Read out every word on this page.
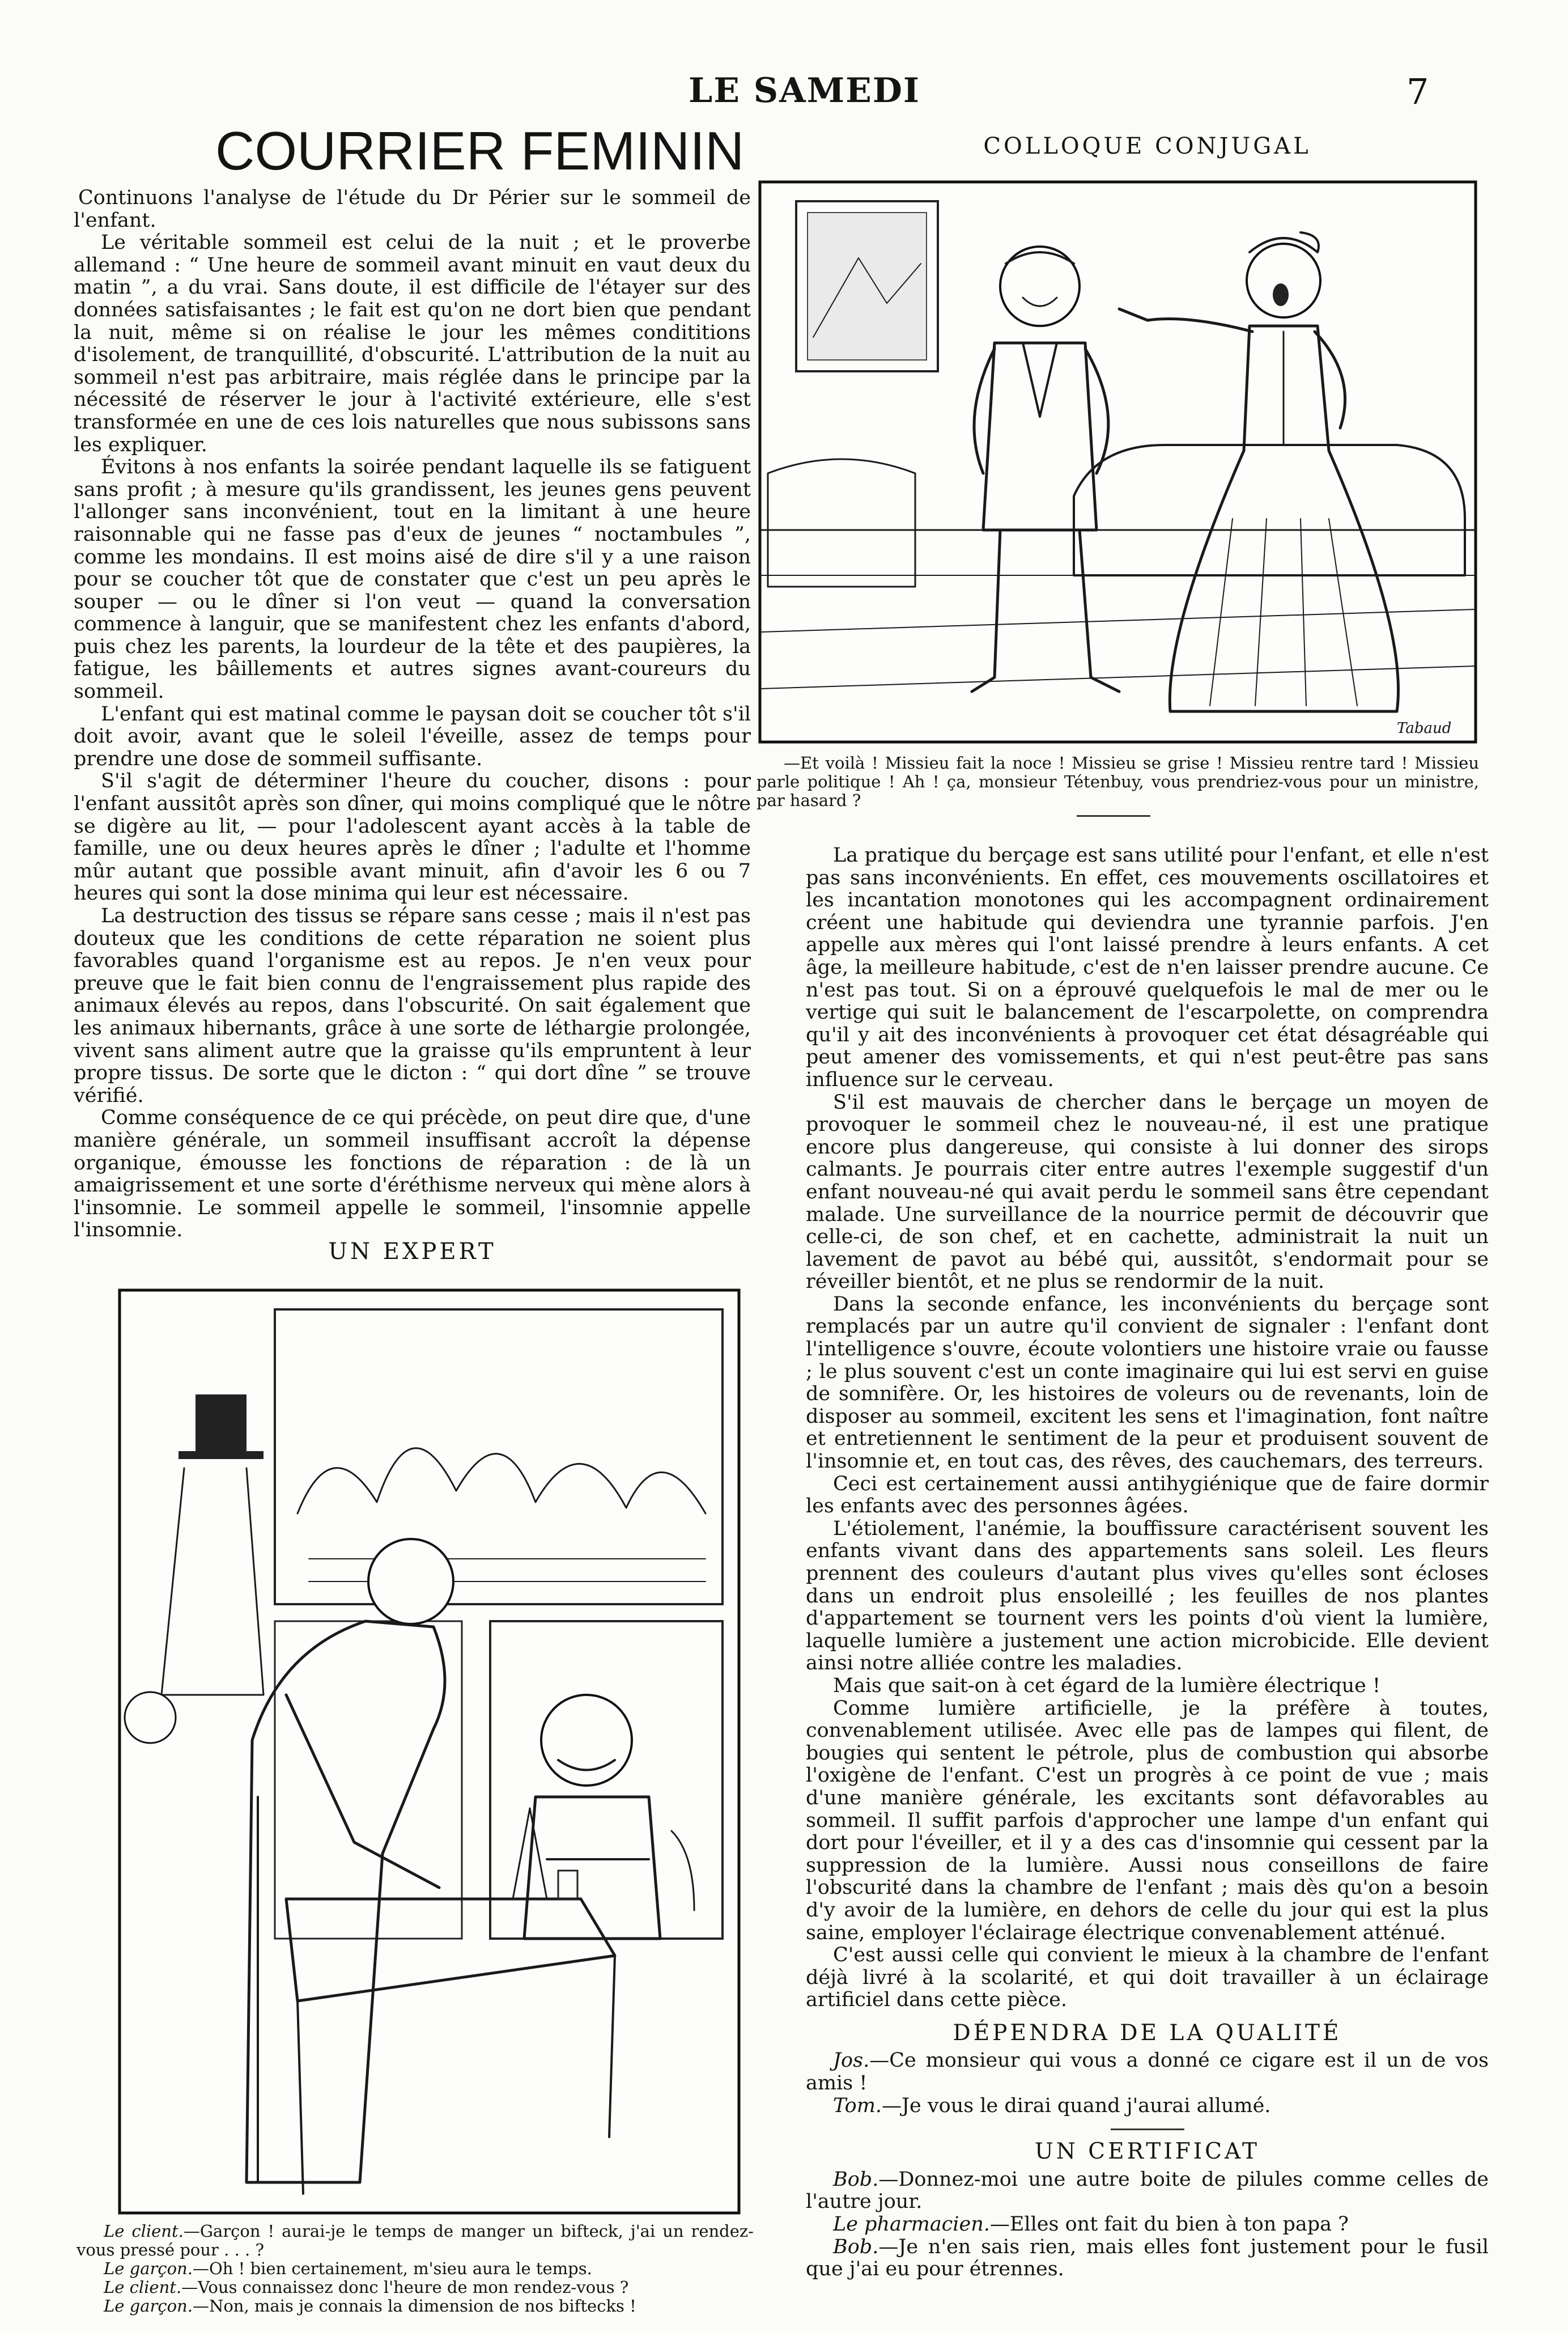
LE SAMEDI	7
COURRIER FEMININ

Continuons l'analyse de l'étude du Dr Périer sur le sommeil de l'enfant.

Le véritable sommeil est celui de la nuit ; et le proverbe allemand : “ Une heure de sommeil avant minuit en vaut deux du matin ”, a du vrai. Sans doute, il est difficile de l'étayer sur des données satisfaisantes ; le fait est qu'on ne dort bien que pendant la nuit, même si on réalise le jour les mêmes condititions d'isolement, de tranquillité, d'obscurité. L'attribution de la nuit au sommeil n'est pas arbitraire, mais réglée dans le principe par la nécessité de réserver le jour à l'activité extérieure, elle s'est transformée en une de ces lois naturelles que nous subissons sans les expliquer.

Évitons à nos enfants la soirée pendant laquelle ils se fatiguent sans profit ; à mesure qu'ils grandissent, les jeunes gens peuvent l'allonger sans inconvénient, tout en la limitant à une heure raisonnable qui ne fasse pas d'eux de jeunes “ noctambules ”, comme les mondains. Il est moins aisé de dire s'il y a une raison pour se coucher tôt que de constater que c'est un peu après le souper — ou le dîner si l'on veut — quand la conversation commence à languir, que se manifestent chez les enfants d'abord, puis chez les parents, la lourdeur de la tête et des paupières, la fatigue, les bâillements et autres signes avant-coureurs du sommeil.

L'enfant qui est matinal comme le paysan doit se coucher tôt s'il doit avoir, avant que le soleil l'éveille, assez de temps pour prendre une dose de sommeil suffisante.

S'il s'agit de déterminer l'heure du coucher, disons : pour l'enfant aussitôt après son dîner, qui moins compliqué que le nôtre se digère au lit, — pour l'adolescent ayant accès à la table de famille, une ou deux heures après le dîner ; l'adulte et l'homme mûr autant que possible avant minuit, afin d'avoir les 6 ou 7 heures qui sont la dose minima qui leur est nécessaire.

La destruction des tissus se répare sans cesse ; mais il n'est pas douteux que les conditions de cette réparation ne soient plus favorables quand l'organisme est au repos. Je n'en veux pour preuve que le fait bien connu de l'engraissement plus rapide des animaux élevés au repos, dans l'obscurité. On sait également que les animaux hibernants, grâce à une sorte de léthargie prolongée, vivent sans aliment autre que la graisse qu'ils empruntent à leur propre tissus. De sorte que le dicton : “ qui dort dîne ” se trouve vérifié.

Comme conséquence de ce qui précède, on peut dire que, d'une manière générale, un sommeil insuffisant accroît la dépense organique, émousse les fonctions de réparation : de là un amaigrissement et une sorte d'éréthisme nerveux qui mène alors à l'insomnie. Le sommeil appelle le sommeil, l'insomnie appelle l'insomnie.

COLLOQUE CONJUGAL

—Et voilà ! Missieu fait la noce ! Missieu se grise ! Missieu rentre tard ! Missieu parle politique ! Ah ! ça, monsieur Tétenbuy, vous prendriez-vous pour un ministre, par hasard ?

UN EXPERT

Le client.—Garçon ! aurai-je le temps de manger un bifteck, j'ai un rendez-vous pressé pour . . . ?

Le garçon.—Oh ! bien certainement, m'sieu aura le temps.

Le client.—Vous connaissez donc l'heure de mon rendez-vous ?

Le garçon.—Non, mais je connais la dimension de nos biftecks !

La pratique du berçage est sans utilité pour l'enfant, et elle n'est pas sans inconvénients. En effet, ces mouvements oscillatoires et les incantation monotones qui les accompagnent ordinairement créent une habitude qui deviendra une tyrannie parfois. J'en appelle aux mères qui l'ont laissé prendre à leurs enfants. A cet âge, la meilleure habitude, c'est de n'en laisser prendre aucune. Ce n'est pas tout. Si on a éprouvé quelquefois le mal de mer ou le vertige qui suit le balancement de l'escarpolette, on comprendra qu'il y ait des inconvénients à provoquer cet état désagréable qui peut amener des vomissements, et qui n'est peut-être pas sans influence sur le cerveau.

S'il est mauvais de chercher dans le berçage un moyen de provoquer le sommeil chez le nouveau-né, il est une pratique encore plus dangereuse, qui consiste à lui donner des sirops calmants. Je pourrais citer entre autres l'exemple suggestif d'un enfant nouveau-né qui avait perdu le sommeil sans être cependant malade. Une surveillance de la nourrice permit de découvrir que celle-ci, de son chef, et en cachette, administrait la nuit un lavement de pavot au bébé qui, aussitôt, s'endormait pour se réveiller bientôt, et ne plus se rendormir de la nuit.

Dans la seconde enfance, les inconvénients du berçage sont remplacés par un autre qu'il convient de signaler : l'enfant dont l'intelligence s'ouvre, écoute volontiers une histoire vraie ou fausse ; le plus souvent c'est un conte imaginaire qui lui est servi en guise de somnifère. Or, les histoires de voleurs ou de revenants, loin de disposer au sommeil, excitent les sens et l'imagination, font naître et entretiennent le sentiment de la peur et produisent souvent de l'insomnie et, en tout cas, des rêves, des cauchemars, des terreurs.

Ceci est certainement aussi antihygiénique que de faire dormir les enfants avec des personnes âgées.

L'étiolement, l'anémie, la bouffissure caractérisent souvent les enfants vivant dans des appartements sans soleil. Les fleurs prennent des couleurs d'autant plus vives qu'elles sont écloses dans un endroit plus ensoleillé ; les feuilles de nos plantes d'appartement se tournent vers les points d'où vient la lumière, laquelle lumière a justement une action microbicide. Elle devient ainsi notre alliée contre les maladies.

Mais que sait-on à cet égard de la lumière électrique !

Comme lumière artificielle, je la préfère à toutes, convenablement utilisée. Avec elle pas de lampes qui filent, de bougies qui sentent le pétrole, plus de combustion qui absorbe l'oxigène de l'enfant. C'est un progrès à ce point de vue ; mais d'une manière générale, les excitants sont défavorables au sommeil. Il suffit parfois d'approcher une lampe d'un enfant qui dort pour l'éveiller, et il y a des cas d'insomnie qui cessent par la suppression de la lumière. Aussi nous conseillons de faire l'obscurité dans la chambre de l'enfant ; mais dès qu'on a besoin d'y avoir de la lumière, en dehors de celle du jour qui est la plus saine, employer l'éclairage électrique convenablement atténué.

C'est aussi celle qui convient le mieux à la chambre de l'enfant déjà livré à la scolarité, et qui doit travailler à un éclairage artificiel dans cette pièce.

DÉPENDRA DE LA QUALITÉ

Jos.—Ce monsieur qui vous a donné ce cigare est il un de vos amis !

Tom.—Je vous le dirai quand j'aurai allumé.

UN CERTIFICAT

Bob.—Donnez-moi une autre boite de pilules comme celles de l'autre jour.

Le pharmacien.—Elles ont fait du bien à ton papa ?

Bob.—Je n'en sais rien, mais elles font justement pour le fusil que j'ai eu pour étrennes.

Tabaud
